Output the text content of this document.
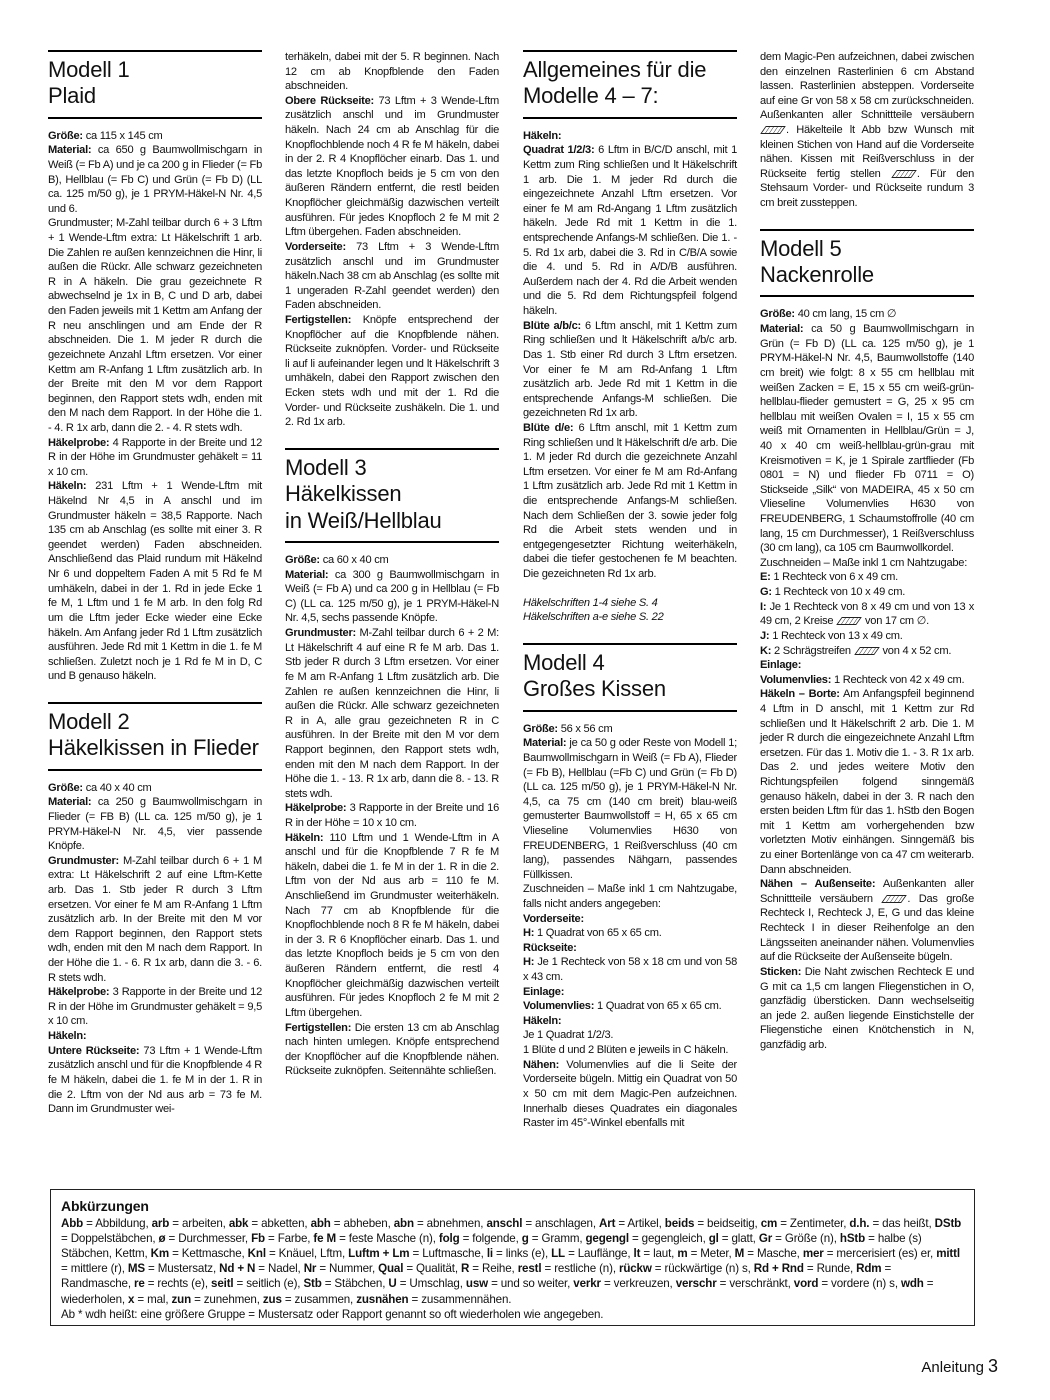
Modell 1
Plaid

Größe: ca 115 x 145 cm

Material: ca 650 g Baumwollmischgarn in Weiß (= Fb A) und je ca 200 g in Flieder (= Fb B), Hellblau (= Fb C) und Grün (= Fb D) (LL ca. 125 m/50 g), je 1 PRYM-Häkel-N Nr. 4,5 und 6.

Grundmuster; M-Zahl teilbar durch 6 + 3 Lftm + 1 Wende-Lftm extra: Lt Häkelschrift 1 arb. Die Zahlen re außen kennzeichnen die Hinr, li außen die Rückr. Alle schwarz gezeichneten R in A häkeln. Die grau gezeichnete R abwechselnd je 1x in B, C und D arb, dabei den Faden jeweils mit 1 Kettm am Anfang der R neu anschlingen und am Ende der R abschneiden. Die 1. M jeder R durch die gezeichnete Anzahl Lftm ersetzen. Vor einer Kettm am R-Anfang 1 Lftm zusätzlich arb. In der Breite mit den M vor dem Rapport beginnen, den Rapport stets wdh, enden mit den M nach dem Rapport. In der Höhe die 1. - 4. R 1x arb, dann die 2. - 4. R stets wdh.

Häkelprobe: 4 Rapporte in der Breite und 12 R in der Höhe im Grundmuster gehäkelt = 11 x 10 cm.

Häkeln: 231 Lftm + 1 Wende-Lftm mit Häkelnd Nr 4,5 in A anschl und im Grundmuster häkeln = 38,5 Rapporte. Nach 135 cm ab Anschlag (es sollte mit einer 3. R geendet werden) Faden abschneiden. Anschließend das Plaid rundum mit Häkelnd Nr 6 und doppeltem Faden A mit 5 Rd fe M umhäkeln, dabei in der 1. Rd in jede Ecke 1 fe M, 1 Lftm und 1 fe M arb. In den folg Rd um die Lftm jeder Ecke wieder eine Ecke häkeln. Am Anfang jeder Rd 1 Lftm zusätzlich ausführen. Jede Rd mit 1 Kettm in die 1. fe M schließen. Zuletzt noch je 1 Rd fe M in D, C und B genauso häkeln.

Modell 2
Häkelkissen in Flieder

Größe: ca 40 x 40 cm

Material: ca 250 g Baumwollmischgarn in Flieder (= FB B) (LL ca. 125 m/50 g), je 1 PRYM-Häkel-N Nr. 4,5, vier passende Knöpfe.

Grundmuster: M-Zahl teilbar durch 6 + 1 M extra: Lt Häkelschrift 2 auf eine Lftm-Kette arb. Das 1. Stb jeder R durch 3 Lftm ersetzen. Vor einer fe M am R-Anfang 1 Lftm zusätzlich arb. In der Breite mit den M vor dem Rapport beginnen, den Rapport stets wdh, enden mit den M nach dem Rapport. In der Höhe die 1. - 6. R 1x arb, dann die 3. - 6. R stets wdh.

Häkelprobe: 3 Rapporte in der Breite und 12 R in der Höhe im Grundmuster gehäkelt = 9,5 x 10 cm.

Häkeln:

Untere Rückseite: 73 Lftm + 1 Wende-Lftm zusätzlich anschl und für die Knopfblende 4 R fe M häkeln, dabei die 1. fe M in der 1. R in die 2. Lftm von der Nd aus arb = 73 fe M. Dann im Grundmuster wei-

terhäkeln, dabei mit der 5. R beginnen. Nach 12 cm ab Knopfblende den Faden abschneiden.

Obere Rückseite: 73 Lftm + 3 Wende-Lftm zusätzlich anschl und im Grundmuster häkeln. Nach 24 cm ab Anschlag für die Knopflochblende noch 4 R fe M häkeln, dabei in der 2. R 4 Knopflöcher einarb. Das 1. und das letzte Knopfloch beids je 5 cm von den äußeren Rändern entfernt, die restl beiden Knopflöcher gleichmäßig dazwischen verteilt ausführen. Für jedes Knopfloch 2 fe M mit 2 Lftm übergehen. Faden abschneiden.

Vorderseite: 73 Lftm + 3 Wende-Lftm zusätzlich anschl und im Grundmuster häkeln.Nach 38 cm ab Anschlag (es sollte mit 1 ungeraden R-Zahl geendet werden) den Faden abschneiden.

Fertigstellen: Knöpfe entsprechend der Knopflöcher auf die Knopfblende nähen. Rückseite zuknöpfen. Vorder- und Rückseite li auf li aufeinander legen und lt Häkelschrift 3 umhäkeln, dabei den Rapport zwischen den Ecken stets wdh und mit der 1. Rd die Vorder- und Rückseite zushäkeln. Die 1. und 2. Rd 1x arb.

Modell 3
Häkelkissen
in Weiß/Hellblau

Größe: ca 60 x 40 cm

Material: ca 300 g Baumwollmischgarn in Weiß (= Fb A) und ca 200 g in Hellblau (= Fb C) (LL ca. 125 m/50 g), je 1 PRYM-Häkel-N Nr. 4,5, sechs passende Knöpfe.

Grundmuster: M-Zahl teilbar durch 6 + 2 M: Lt Häkelschrift 4 auf eine R fe M arb. Das 1. Stb jeder R durch 3 Lftm ersetzen. Vor einer fe M am R-Anfang 1 Lftm zusätzlich arb. Die Zahlen re außen kennzeichnen die Hinr, li außen die Rückr. Alle schwarz gezeichneten R in A, alle grau gezeichneten R in C ausführen. In der Breite mit den M vor dem Rapport beginnen, den Rapport stets wdh, enden mit den M nach dem Rapport. In der Höhe die 1. - 13. R 1x arb, dann die 8. - 13. R stets wdh.

Häkelprobe: 3 Rapporte in der Breite und 16 R in der Höhe = 10 x 10 cm.

Häkeln: 110 Lftm und 1 Wende-Lftm in A anschl und für die Knopfblende 7 R fe M häkeln, dabei die 1. fe M in der 1. R in die 2. Lftm von der Nd aus arb = 110 fe M. Anschließend im Grundmuster weiterhäkeln. Nach 77 cm ab Knopfblende für die Knopflochblende noch 8 R fe M häkeln, dabei in der 3. R 6 Knopflöcher einarb. Das 1. und das letzte Knopfloch beids je 5 cm von den äußeren Rändern entfernt, die restl 4 Knopflöcher gleichmäßig dazwischen verteilt ausführen. Für jedes Knopfloch 2 fe M mit 2 Lftm übergehen.

Fertigstellen: Die ersten 13 cm ab Anschlag nach hinten umlegen. Knöpfe entsprechend der Knopflöcher auf die Knopfblende nähen. Rückseite zuknöpfen. Seitennähte schließen.

Allgemeines für die
Modelle 4 – 7:

Häkeln:

Quadrat 1/2/3: 6 Lftm in B/C/D anschl, mit 1 Kettm zum Ring schließen und lt Häkelschrift 1 arb. Die 1. M jeder Rd durch die eingezeichnete Anzahl Lftm ersetzen. Vor einer fe M am Rd-Angang 1 Lftm zusätzlich häkeln. Jede Rd mit 1 Kettm in die 1. entsprechende Anfangs-M schließen. Die 1. - 5. Rd 1x arb, dabei die 3. Rd in C/B/A sowie die 4. und 5. Rd in A/D/B ausführen. Außerdem nach der 4. Rd die Arbeit wenden und die 5. Rd dem Richtungspfeil folgend häkeln.

Blüte a/b/c: 6 Lftm anschl, mit 1 Kettm zum Ring schließen und lt Häkelschrift a/b/c arb. Das 1. Stb einer Rd durch 3 Lftm ersetzen. Vor einer fe M am Rd-Anfang 1 Lftm zusätzlich arb. Jede Rd mit 1 Kettm in die entsprechende Anfangs-M schließen. Die gezeichneten Rd 1x arb.

Blüte d/e: 6 Lftm anschl, mit 1 Kettm zum Ring schließen und lt Häkelschrift d/e arb. Die 1. M jeder Rd durch die gezeichnete Anzahl Lftm ersetzen. Vor einer fe M am Rd-Anfang 1 Lftm zusätzlich arb. Jede Rd mit 1 Kettm in die entsprechende Anfangs-M schließen. Nach dem Schließen der 3. sowie jeder folg Rd die Arbeit stets wenden und in entgegengesetzter Richtung weiterhäkeln, dabei die tiefer gestochenen fe M beachten. Die gezeichneten Rd 1x arb.

Häkelschriften 1-4 siehe S. 4

Häkelschriften a-e siehe S. 22

Modell 4
Großes Kissen

Größe: 56 x 56 cm

Material: je ca 50 g oder Reste von Modell 1; Baumwollmischgarn in Weiß (= Fb A), Flieder (= Fb B), Hellblau (=Fb C) und Grün (= Fb D) (LL ca. 125 m/50 g), je 1 PRYM-Häkel-N Nr. 4,5, ca 75 cm (140 cm breit) blau-weiß gemusterter Baumwollstoff = H, 65 x 65 cm Vlieseline Volumenvlies H630 von FREUDENBERG, 1 Reißverschluss (40 cm lang), passendes Nähgarn, passendes Füllkissen.

Zuschneiden – Maße inkl 1 cm Nahtzugabe, falls nicht anders angegeben:

Vorderseite:

H: 1 Quadrat von 65 x 65 cm.

Rückseite:

H: Je 1 Rechteck von 58 x 18 cm und von 58 x 43 cm.

Einlage:

Volumenvlies: 1 Quadrat von 65 x 65 cm.

Häkeln:

Je 1 Quadrat 1/2/3.

1 Blüte d und 2 Blüten e jeweils in C häkeln.

Nähen: Volumenvlies auf die li Seite der Vorderseite bügeln. Mittig ein Quadrat von 50 x 50 cm mit dem Magic-Pen aufzeichnen. Innerhalb dieses Quadrates ein diagonales Raster im 45°-Winkel ebenfalls mit

dem Magic-Pen aufzeichnen, dabei zwischen den einzelnen Rasterlinien 6 cm Abstand lassen. Rasterlinien absteppen. Vorderseite auf eine Gr von 58 x 58 cm zurückschneiden. Außenkanten aller Schnittteile versäubern . Häkelteile lt Abb bzw Wunsch mit kleinen Stichen von Hand auf die Vorderseite nähen. Kissen mit Reißverschluss in der Rückseite fertig stellen . Für den Stehsaum Vorder- und Rückseite rundum 3 cm breit zussteppen.

Modell 5
Nackenrolle

Größe: 40 cm lang, 15 cm ∅

Material: ca 50 g Baumwollmischgarn in Grün (= Fb D) (LL ca. 125 m/50 g), je 1 PRYM-Häkel-N Nr. 4,5, Baumwollstoffe (140 cm breit) wie folgt: 8 x 55 cm hellblau mit weißen Zacken = E, 15 x 55 cm weiß-grün-hellblau-flieder gemustert = G, 25 x 95 cm hellblau mit weißen Ovalen = I, 15 x 55 cm weiß mit Ornamenten in Hellblau/Grün = J, 40 x 40 cm weiß-hellblau-grün-grau mit Kreismotiven = K, je 1 Spirale zartflieder (Fb 0801 = N) und flieder Fb 0711 = O) Stickseide „Silk“ von MADEIRA, 45 x 50 cm Vlieseline Volumenvlies H630 von FREUDENBERG, 1 Schaumstoffrolle (40 cm lang, 15 cm Durchmesser), 1 Reißverschluss (30 cm lang), ca 105 cm Baumwollkordel.

Zuschneiden – Maße inkl 1 cm Nahtzugabe:

E: 1 Rechteck von 6 x 49 cm.

G: 1 Rechteck von 10 x 49 cm.

I: Je 1 Rechteck von 8 x 49 cm und von 13 x 49 cm, 2 Kreise  von 17 cm ∅.

J: 1 Rechteck von 13 x 49 cm.

K: 2 Schrägstreifen  von 4 x 52 cm.

Einlage:

Volumenvlies: 1 Rechteck von 42 x 49 cm.

Häkeln – Borte: Am Anfangspfeil beginnend 4 Lftm in D anschl, mit 1 Kettm zur Rd schließen und lt Häkelschrift 2 arb. Die 1. M jeder R durch die eingezeichnete Anzahl Lftm ersetzen. Für das 1. Motiv die 1. - 3. R 1x arb. Das 2. und jedes weitere Motiv den Richtungspfeilen folgend sinngemäß genauso häkeln, dabei in der 3. R nach den ersten beiden Lftm für das 1. hStb den Bogen mit 1 Kettm am vorhergehenden bzw vorletzten Motiv einhängen. Sinngemäß bis zu einer Bortenlänge von ca 47 cm weiterarb. Dann abschneiden.

Nähen – Außenseite: Außenkanten aller Schnittteile versäubern . Das große Rechteck I, Rechteck J, E, G und das kleine Rechteck I in dieser Reihenfolge an den Längsseiten aneinander nähen. Volumenvlies auf die Rückseite der Außenseite bügeln.

Sticken: Die Naht zwischen Rechteck E und G mit ca 1,5 cm langen Fliegenstichen in O, ganzfädig übersticken. Dann wechselseitig an jede 2. außen liegende Einstichstelle der Fliegenstiche einen Knötchenstich in N, ganzfädig arb.

Abkürzungen
Abb = Abbildung, arb = arbeiten, abk = abketten, abh = abheben, abn = abnehmen, anschl = anschlagen, Art = Artikel, beids = beidseitig, cm = Zentimeter, d.h. = das heißt, DStb = Doppelstäbchen, ø = Durchmesser, Fb = Farbe, fe M = feste Masche (n), folg = folgende, g = Gramm, gegengl = gegengleich, gl = glatt, Gr = Größe (n), hStb = halbe (s) Stäbchen, Kettm, Km = Kettmasche, Knl = Knäuel, Lftm, Luftm + Lm = Luftmasche, li = links (e), LL = Lauflänge, lt = laut, m = Meter, M = Masche, mer = mercerisiert (es) er, mittl = mittlere (r), MS = Mustersatz, Nd + N = Nadel, Nr = Nummer, Qual = Qualität, R = Reihe, restl = restliche (n), rückw = rückwärtige (n) s, Rd + Rnd = Runde, Rdm = Randmasche, re = rechts (e), seitl = seitlich (e), Stb = Stäbchen, U = Umschlag, usw = und so weiter, verkr = verkreuzen, verschr = verschränkt, vord = vordere (n) s, wdh = wiederholen, x = mal, zun = zunehmen, zus = zusammen, zusnähen = zusammennähen.
Ab * wdh heißt: eine größere Gruppe = Mustersatz oder Rapport genannt so oft wiederholen wie angegeben.
Anleitung 3
